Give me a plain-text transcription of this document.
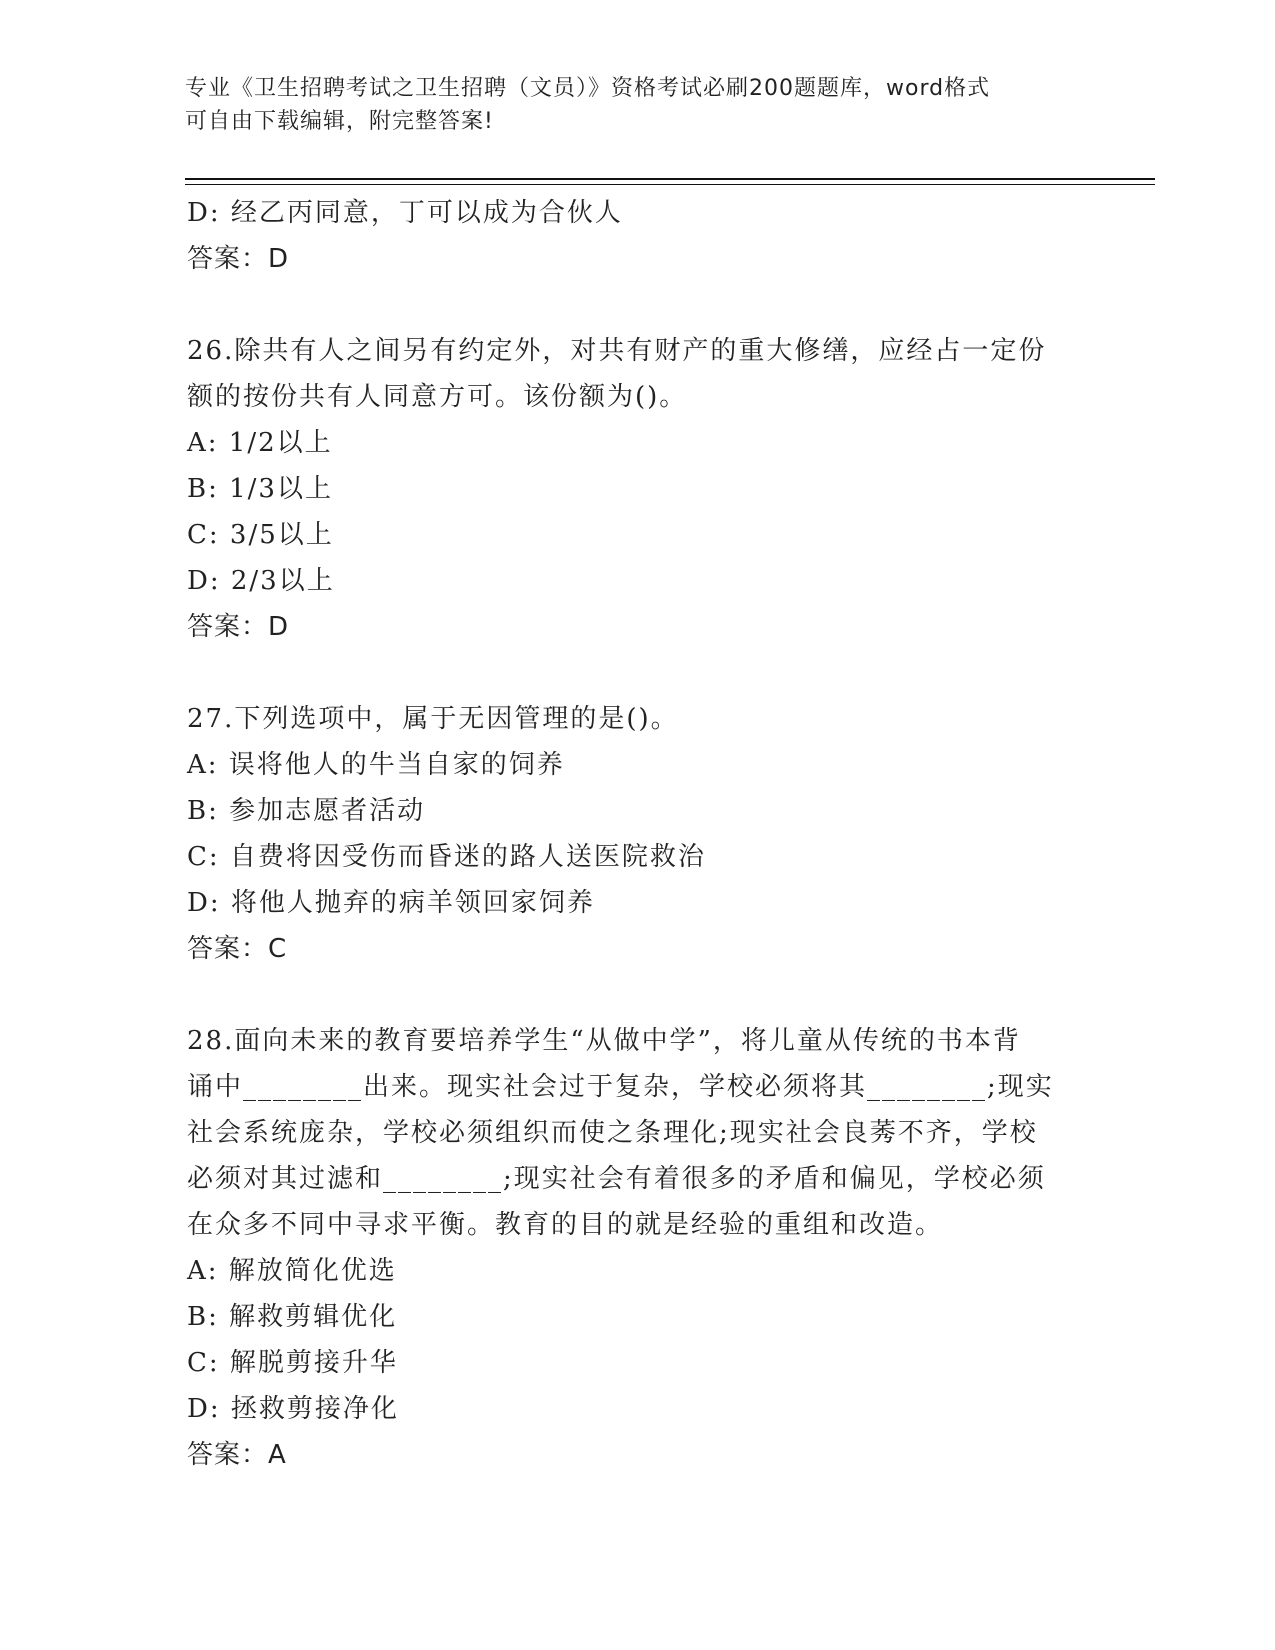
专业《卫生招聘考试之卫生招聘（文员）》资格考试必刷200题题库，word格式
可自由下载编辑，附完整答案!
D: 经乙丙同意，丁可以成为合伙人
答案：D
26.除共有人之间另有约定外，对共有财产的重大修缮，应经占一定份
额的按份共有人同意方可。该份额为()。
A: 1/2以上
B: 1/3以上
C: 3/5以上
D: 2/3以上
答案：D
27.下列选项中，属于无因管理的是()。
A: 误将他人的牛当自家的饲养
B: 参加志愿者活动
C: 自费将因受伤而昏迷的路人送医院救治
D: 将他人抛弃的病羊领回家饲养
答案：C
28.面向未来的教育要培养学生“从做中学”，将儿童从传统的书本背
诵中________出来。现实社会过于复杂，学校必须将其________;现实
社会系统庞杂，学校必须组织而使之条理化;现实社会良莠不齐，学校
必须对其过滤和________;现实社会有着很多的矛盾和偏见，学校必须
在众多不同中寻求平衡。教育的目的就是经验的重组和改造。
A: 解放简化优选
B: 解救剪辑优化
C: 解脱剪接升华
D: 拯救剪接净化
答案：A
